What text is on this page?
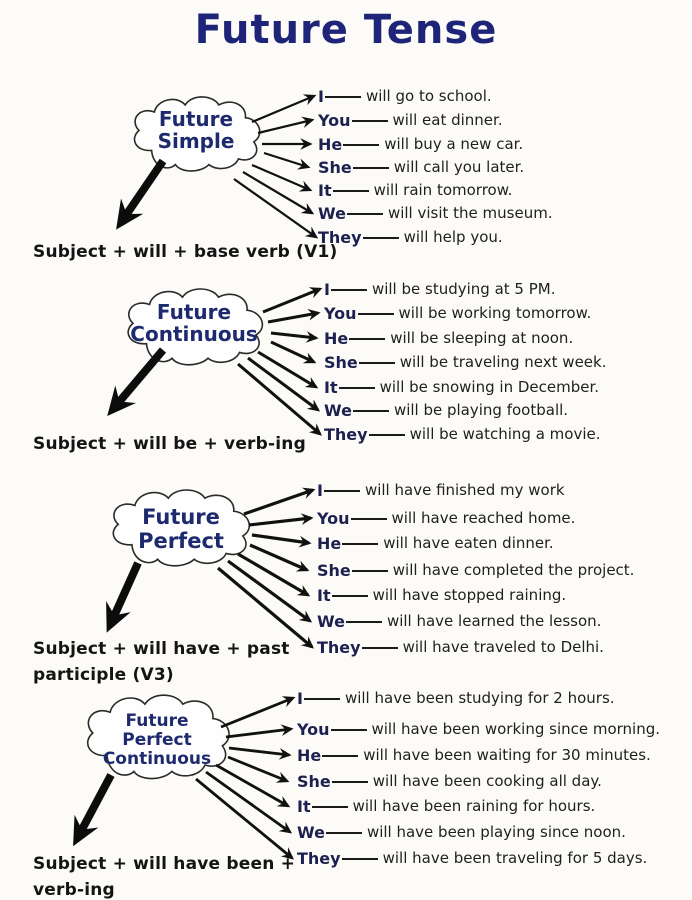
Future Tense
Future
Simple
Future
Continuous
Future
Perfect
Future
Perfect
Continuous
Subject + will + base verb (V1)
Subject + will be + verb-ing
Subject + will have + past participle (V3)
Subject + will have been + verb-ing
I	will go to school.
You	will eat dinner.
He	will buy a new car.
She	will call you later.
It	will rain tomorrow.
We	will visit the museum.
They	will help you.
I	will be studying at 5 PM.
You	will be working tomorrow.
He	will be sleeping at noon.
She	will be traveling next week.
It	will be snowing in December.
We	will be playing football.
They	will be watching a movie.
I	will have finished my work
You	will have reached home.
He	will have eaten dinner.
She	will have completed the project.
It	will have stopped raining.
We	will have learned the lesson.
They	will have traveled to Delhi.
I	will have been studying for 2 hours.
You	will have been working since morning.
He	will have been waiting for 30 minutes.
She	will have been cooking all day.
It	will have been raining for hours.
We	will have been playing since noon.
They	will have been traveling for 5 days.
